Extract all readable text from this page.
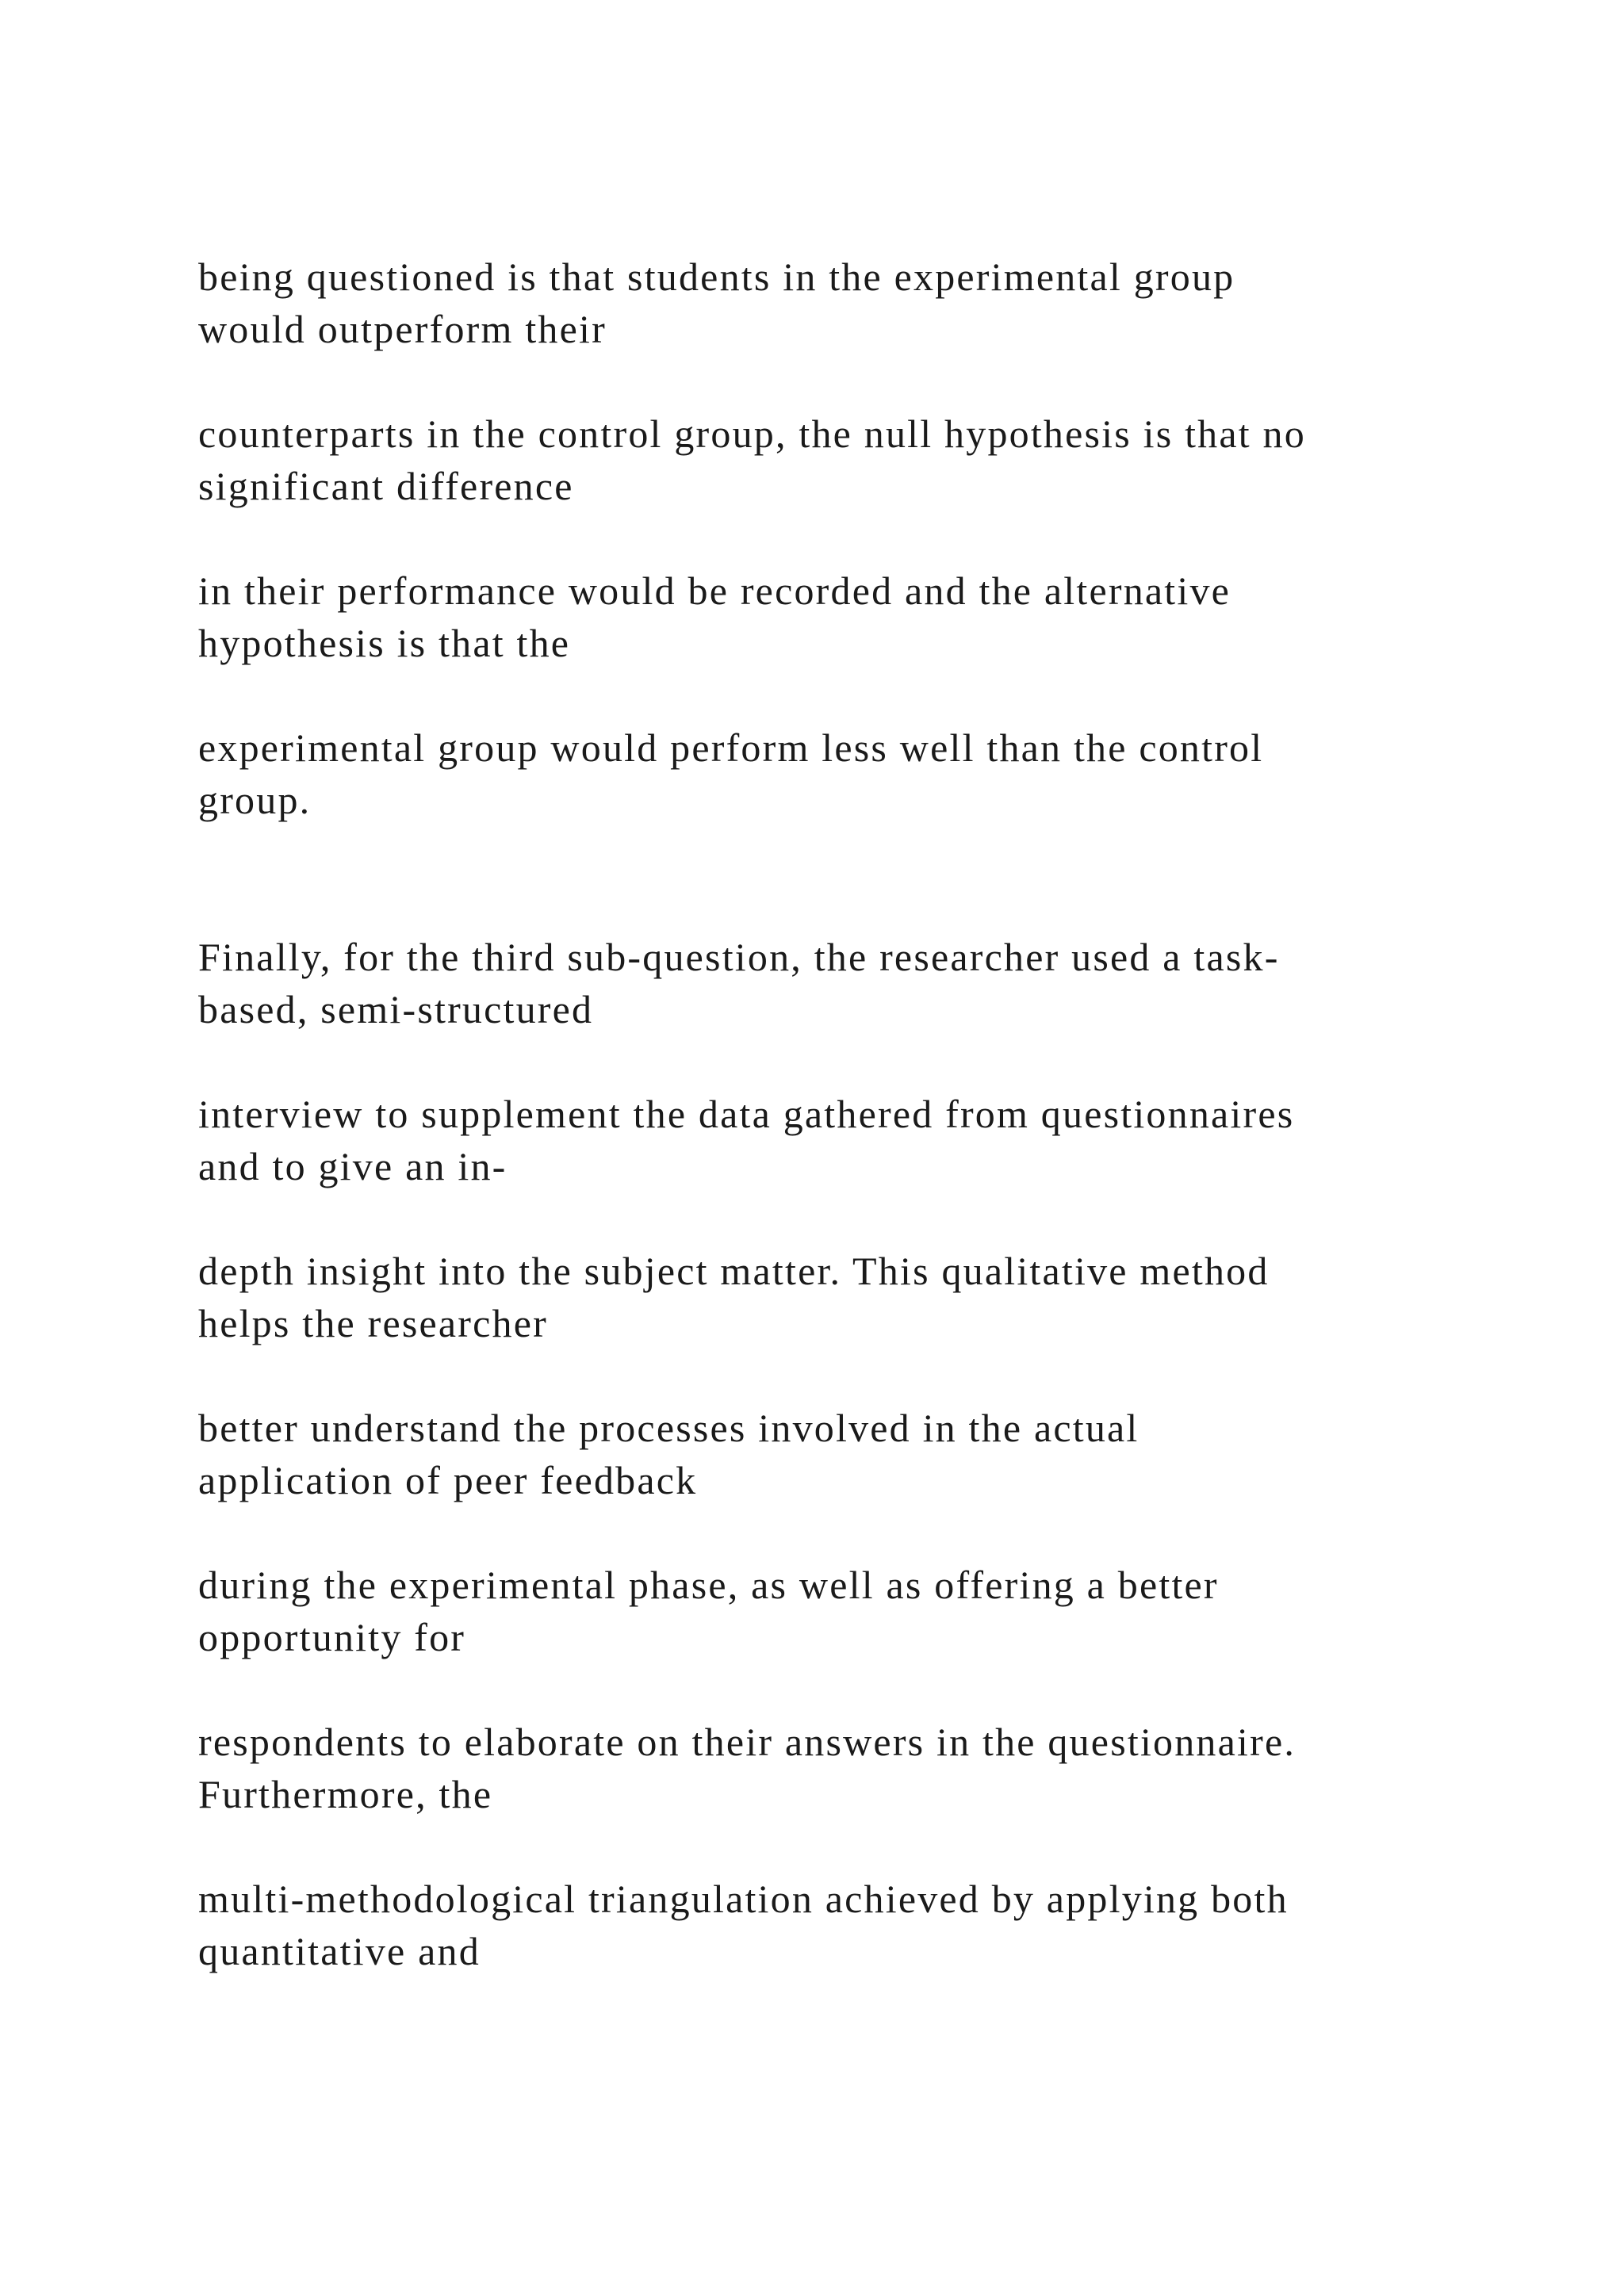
being questioned is that students in the experimental group
would outperform their
counterparts in the control group, the null hypothesis is that no
significant difference
in their performance would be recorded and the alternative
hypothesis is that the
experimental group would perform less well than the control
group.
Finally, for the third sub-question, the researcher used a task-
based, semi-structured
interview to supplement the data gathered from questionnaires
and to give an in-
depth insight into the subject matter. This qualitative method
helps the researcher
better understand the processes involved in the actual
application of peer feedback
during the experimental phase, as well as offering a better
opportunity for
respondents to elaborate on their answers in the questionnaire.
Furthermore, the
multi-methodological triangulation achieved by applying both
quantitative and
